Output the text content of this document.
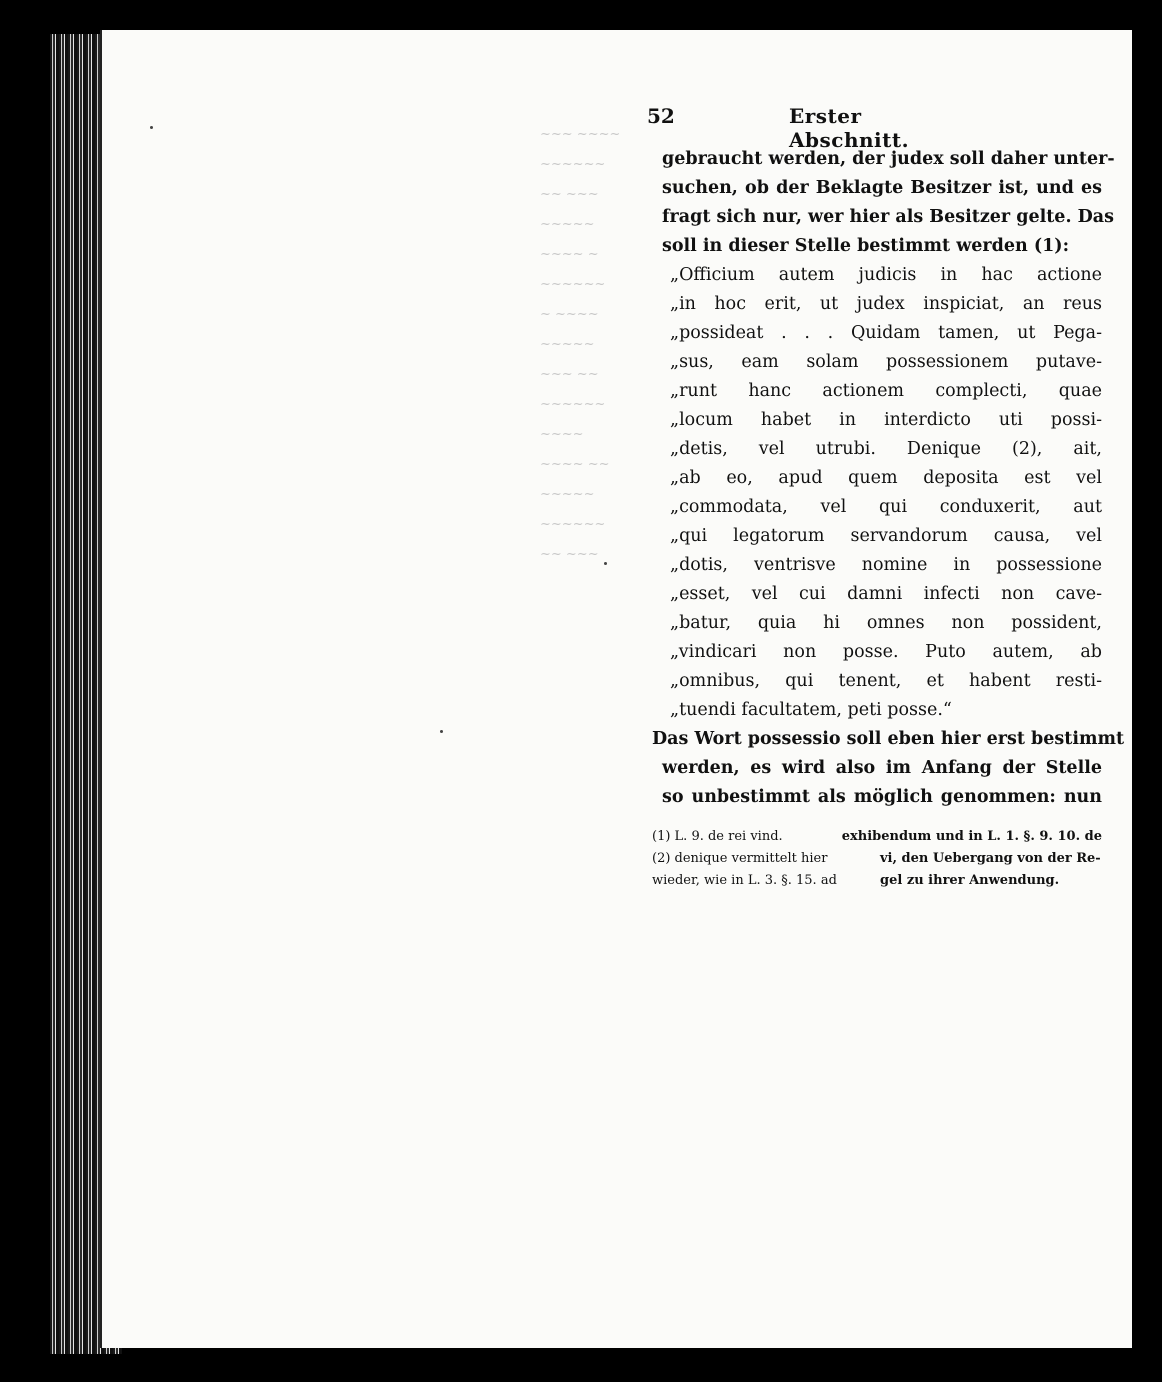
~~~ ~~~~
~~~~~~
~~ ~~~
~~~~~
~~~~ ~
~~~~~~
~ ~~~~
~~~~~
~~~ ~~
~~~~~~
~~~~
~~~~ ~~
~~~~~
~~~~~~
~~ ~~~
52	Erster Abschnitt.
gebraucht werden, der judex soll daher unter-
suchen, ob der Beklagte Besitzer ist, und es
fragt sich nur, wer hier als Besitzer gelte. Das
soll in dieser Stelle bestimmt werden (1):
„Officium autem judicis in hac actione
„in hoc erit, ut judex inspiciat, an reus
„possideat . . . Quidam tamen, ut Pega-
„sus, eam solam possessionem putave-
„runt hanc actionem complecti, quae
„locum habet in interdicto uti possi-
„detis, vel utrubi. Denique (2), ait,
„ab eo, apud quem deposita est vel
„commodata, vel qui conduxerit, aut
„qui legatorum servandorum causa, vel
„dotis, ventrisve nomine in possessione
„esset, vel cui damni infecti non cave-
„batur, quia hi omnes non possident,
„vindicari non posse. Puto autem, ab
„omnibus, qui tenent, et habent resti-
„tuendi facultatem, peti posse.“
Das Wort possessio soll eben hier erst bestimmt
werden, es wird also im Anfang der Stelle
so unbestimmt als möglich genommen: nun
(1) L. 9. de rei vind.	exhibendum und in L. 1. §. 9. 10. de
(2) denique vermittelt hier	vi, den Uebergang von der Re-
wieder, wie in L. 3. §. 15. ad	gel zu ihrer Anwendung.
